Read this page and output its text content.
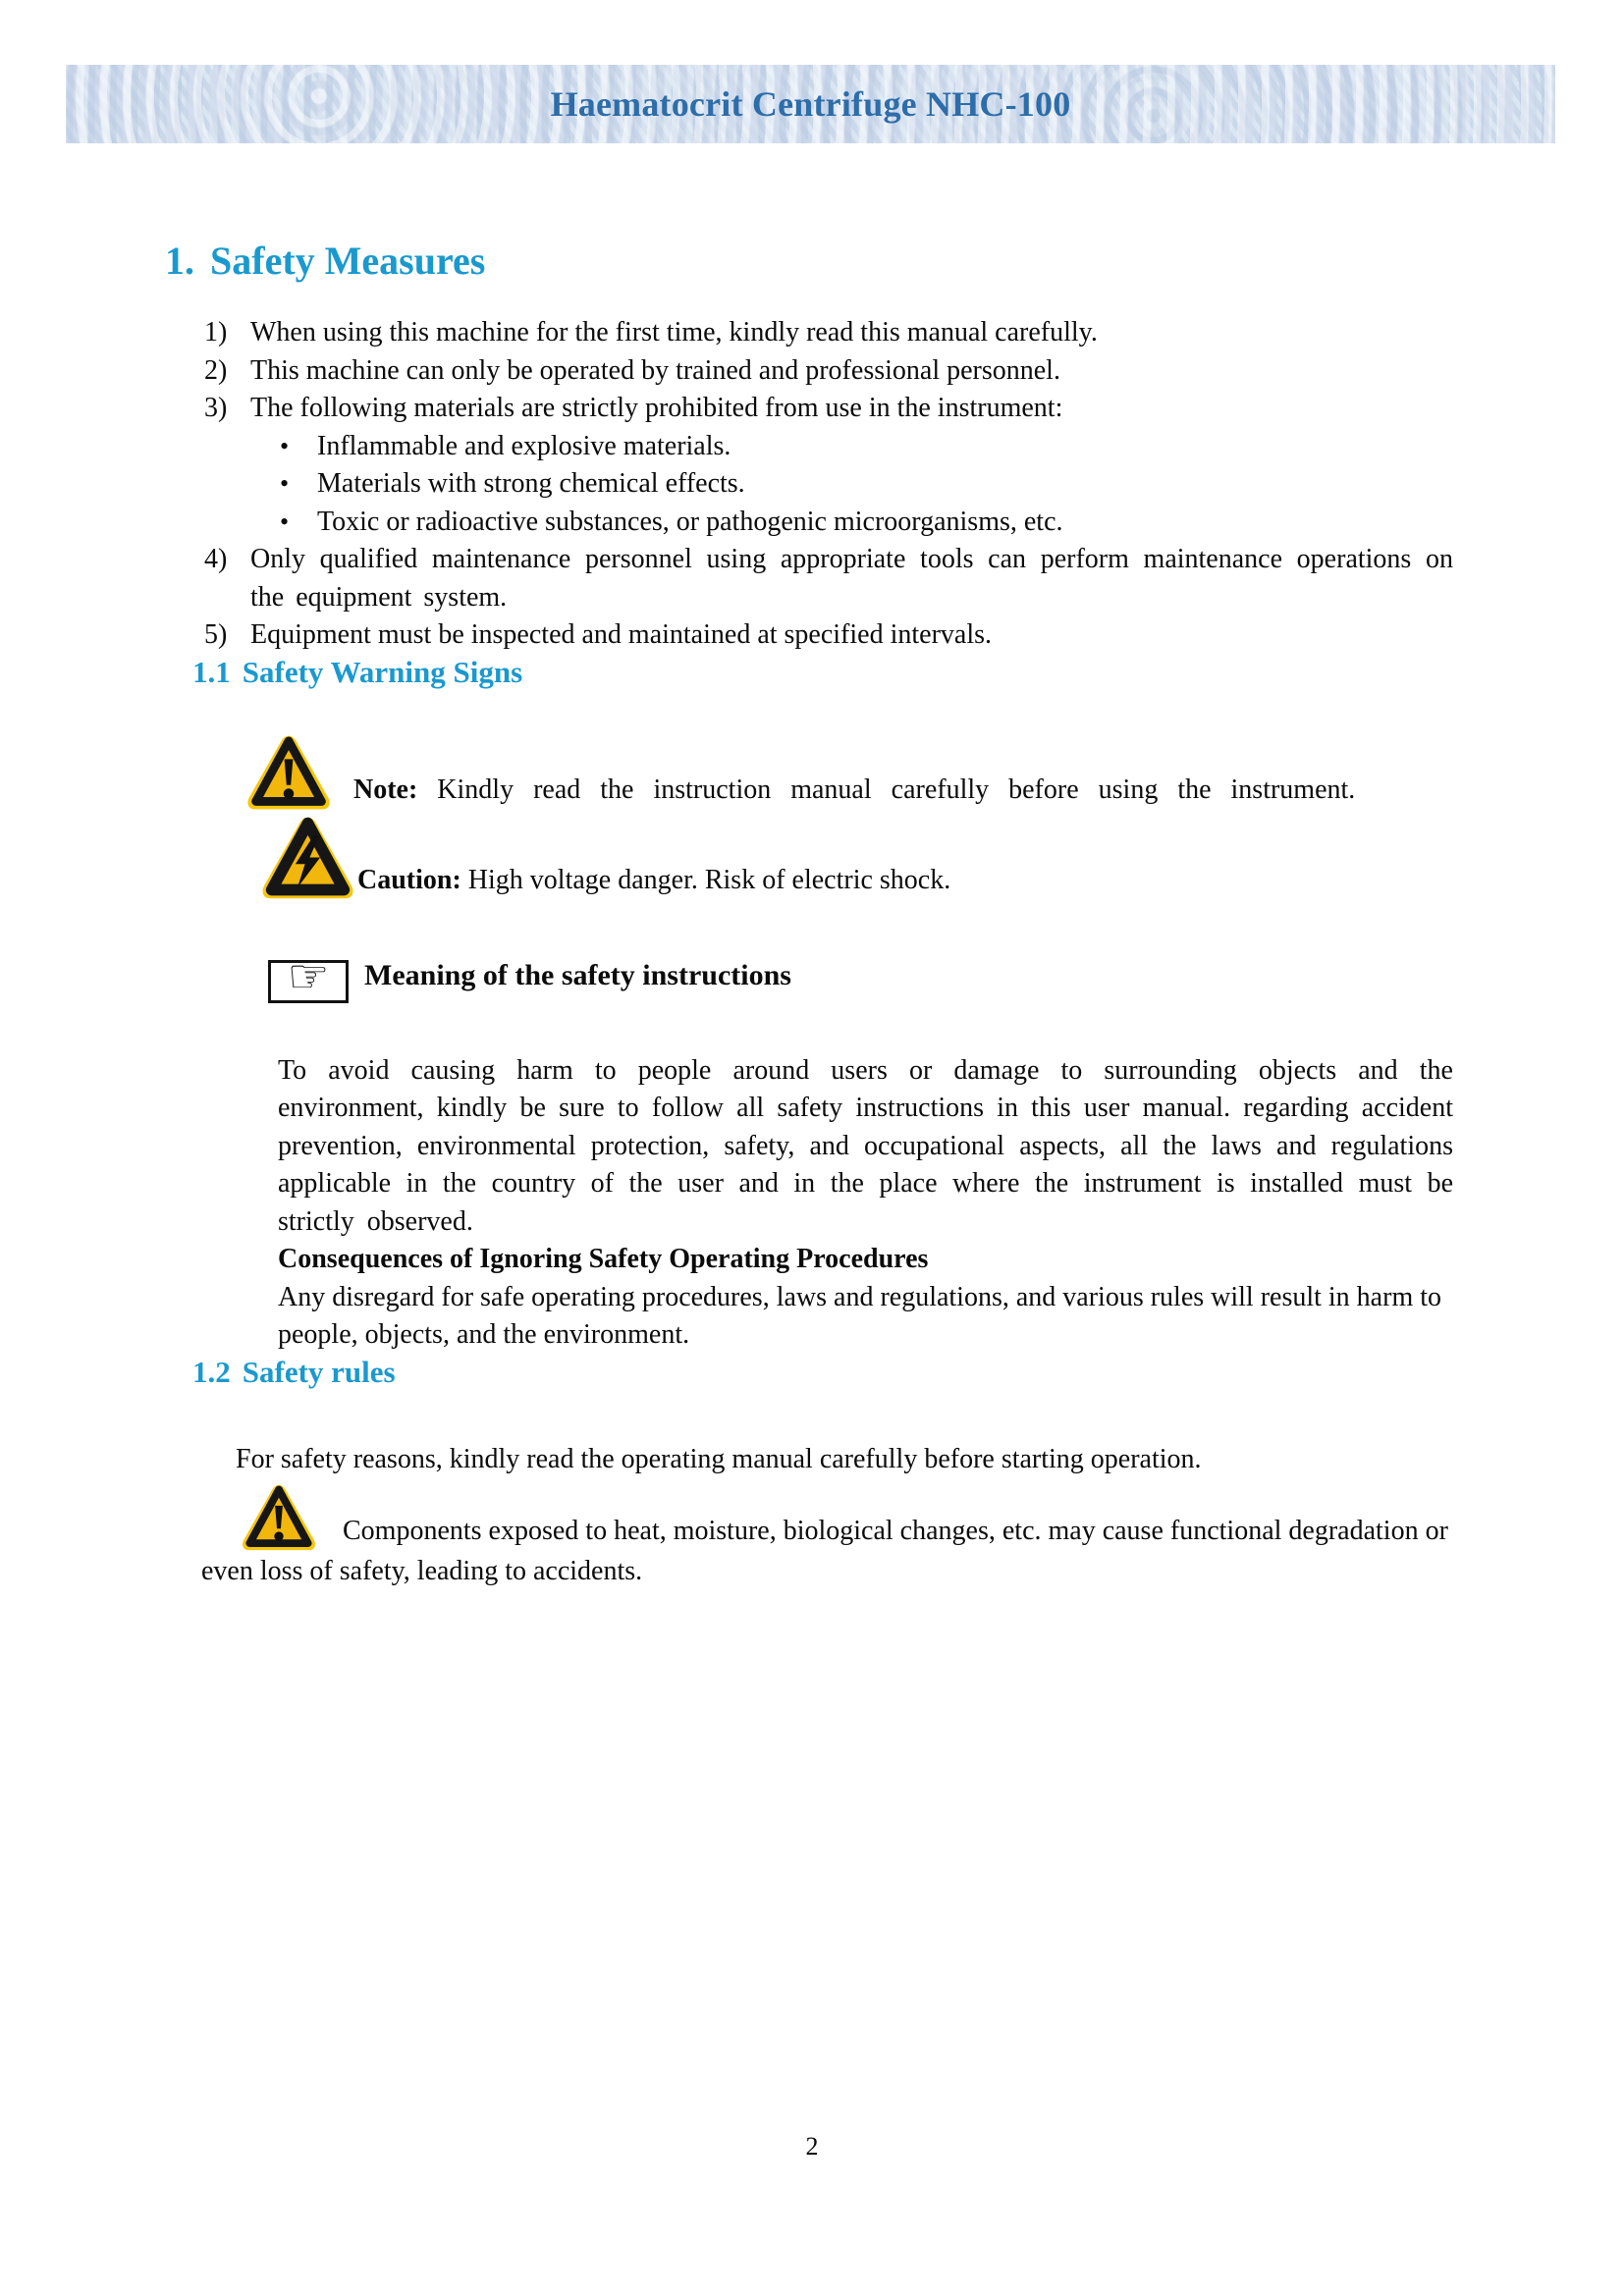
Haematocrit Centrifuge NHC-100
1. Safety Measures
1) When using this machine for the first time, kindly read this manual carefully.
2) This machine can only be operated by trained and professional personnel.
3) The following materials are strictly prohibited from use in the instrument:
•	Inflammable and explosive materials.
•	Materials with strong chemical effects.
•	Toxic or radioactive substances, or pathogenic microorganisms, etc.
4) Only qualified maintenance personnel using appropriate tools can perform maintenance operations on the equipment system.
5) Equipment must be inspected and maintained at specified intervals.
1.1 Safety Warning Signs

Note: Kindly read the instruction manual carefully before using the instrument.

Caution: High voltage danger. Risk of electric shock.

☞	Meaning of the safety instructions

To avoid causing harm to people around users or damage to surrounding objects and the environment, kindly be sure to follow all safety instructions in this user manual. regarding accident prevention, environmental protection, safety, and occupational aspects, all the laws and regulations applicable in the country of the user and in the place where the instrument is installed must be strictly observed.

Consequences of Ignoring Safety Operating Procedures

Any disregard for safe operating procedures, laws and regulations, and various rules will result in harm to people, objects, and the environment.

1.2 Safety rules

For safety reasons, kindly read the operating manual carefully before starting operation.

Components exposed to heat, moisture, biological changes, etc. may cause functional degradation or even loss of safety, leading to accidents.

2
